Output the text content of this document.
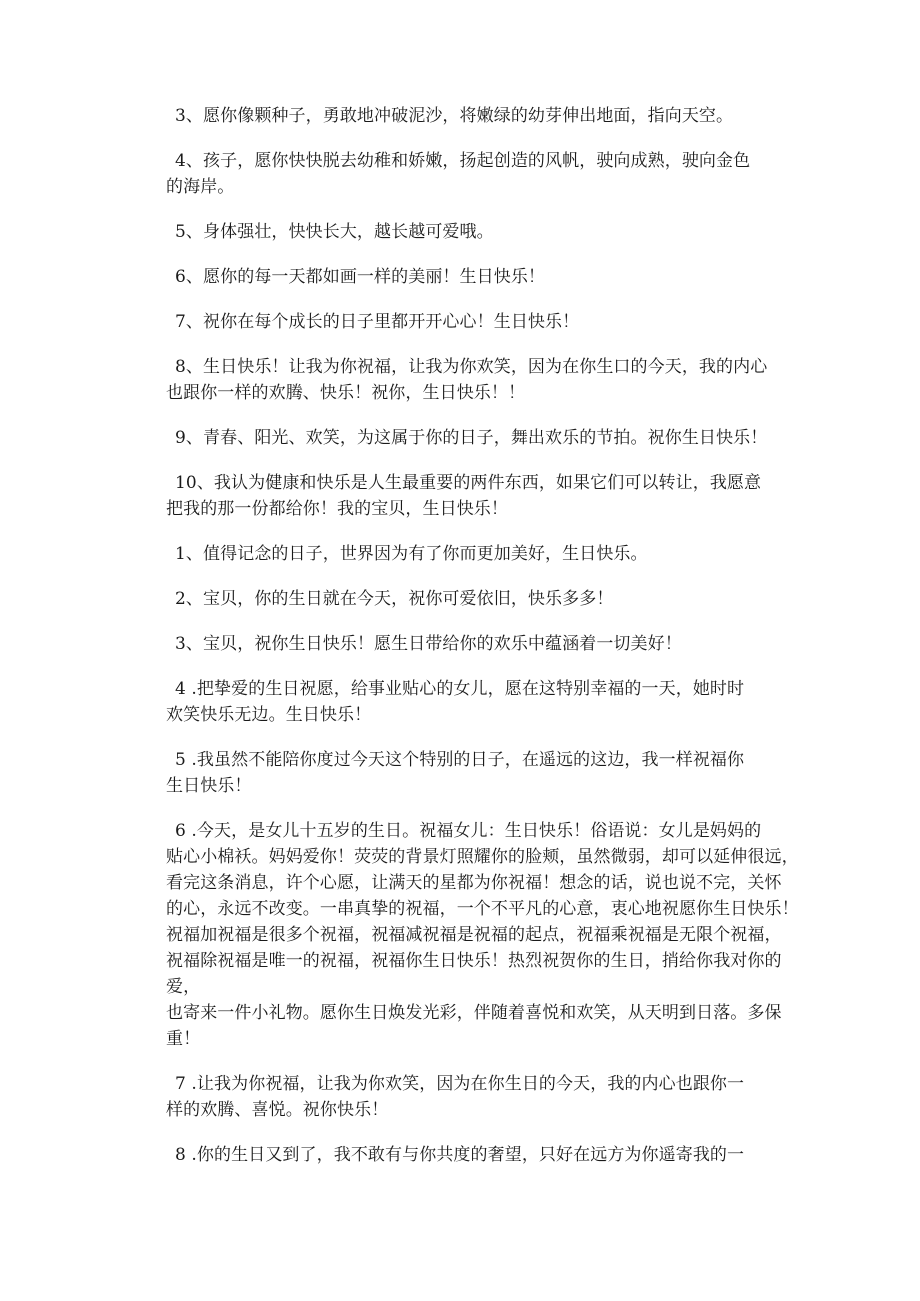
3、愿你像颗种子，勇敢地冲破泥沙，将嫩绿的幼芽伸出地面，指向天空。

4、孩子，愿你快快脱去幼稚和娇嫩，扬起创造的风帆，驶向成熟，驶向金色
的海岸。

5、身体强壮，快快长大，越长越可爱哦。

6、愿你的每一天都如画一样的美丽！生日快乐！

7、祝你在每个成长的日子里都开开心心！生日快乐！

8、生日快乐！让我为你祝福，让我为你欢笑，因为在你生口的今天，我的内心
也跟你一样的欢腾、快乐！祝你，生日快乐！！

9、青春、阳光、欢笑，为这属于你的日子，舞出欢乐的节拍。祝你生日快乐！

10、我认为健康和快乐是人生最重要的两件东西，如果它们可以转让，我愿意
把我的那一份都给你！我的宝贝，生日快乐！

1、值得记念的日子，世界因为有了你而更加美好，生日快乐。

2、宝贝，你的生日就在今天，祝你可爱依旧，快乐多多！

3、宝贝，祝你生日快乐！愿生日带给你的欢乐中蕴涵着一切美好！

4 .把挚爱的生日祝愿，给事业贴心的女儿，愿在这特别幸福的一天，她时时
欢笑快乐无边。生日快乐！

5 .我虽然不能陪你度过今天这个特别的日子，在遥远的这边，我一样祝福你
生日快乐！

6 .今天，是女儿十五岁的生日。祝福女儿：生日快乐！俗语说：女儿是妈妈的
贴心小棉袄。妈妈爱你！荧荧的背景灯照耀你的脸颊，虽然微弱，却可以延伸很远，
看完这条消息，许个心愿，让满天的星都为你祝福！想念的话，说也说不完，关怀
的心，永远不改变。一串真挚的祝福，一个不平凡的心意，衷心地祝愿你生日快乐！
祝福加祝福是很多个祝福，祝福减祝福是祝福的起点，祝福乘祝福是无限个祝福，
祝福除祝福是唯一的祝福，祝福你生日快乐！热烈祝贺你的生日，捎给你我对你的爱，
也寄来一件小礼物。愿你生日焕发光彩，伴随着喜悦和欢笑，从天明到日落。多保
重！

7 .让我为你祝福，让我为你欢笑，因为在你生日的今天，我的内心也跟你一
样的欢腾、喜悦。祝你快乐！

8 .你的生日又到了，我不敢有与你共度的奢望，只好在远方为你遥寄我的一
